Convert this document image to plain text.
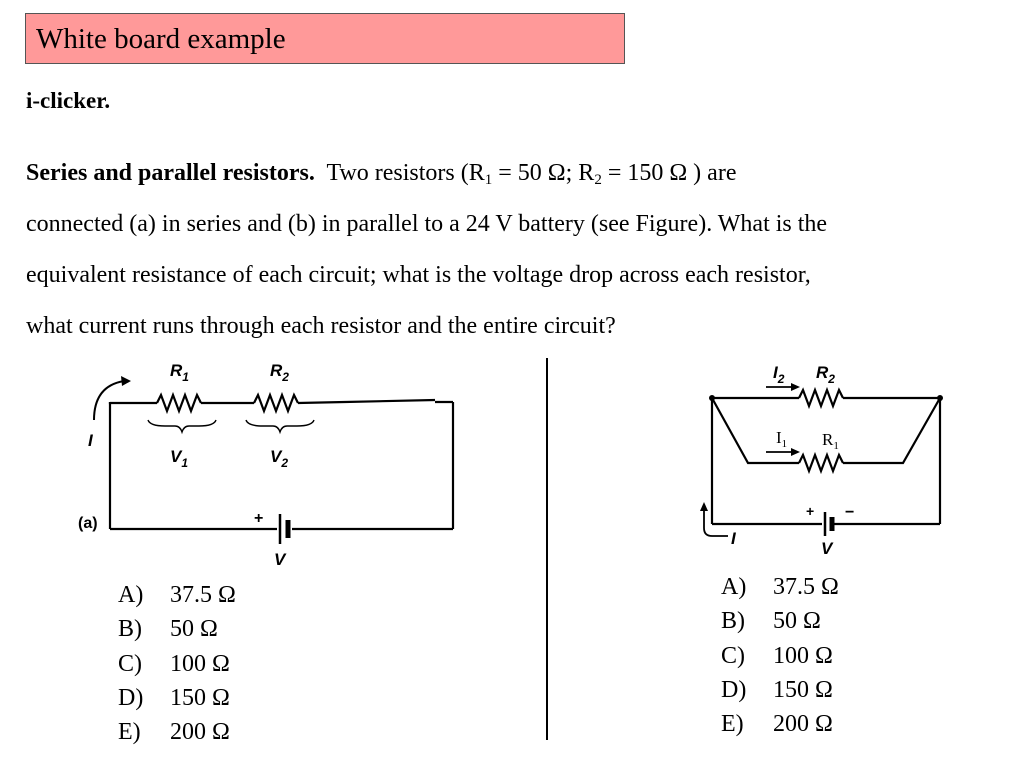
White board example
i-clicker.
Series and parallel resistors. Two resistors ($R_1 = 50$ Ω; $R_2 = 150$ Ω ) are
connected (a) in series and (b) in parallel to a 24 V battery (see Figure). What is the
equivalent resistance of each circuit; what is the voltage drop across each resistor,
what current runs through each resistor and the entire circuit?
$R_1$	$R_2$
$V_1$	$V_2$
I
(a)	+
V
$I_2$ $R_2$
$I_1$ $R_1$
+ −
I
V
A)	37.5 Ω
B)	50 Ω
C)	100 Ω
D)	150 Ω
E)	200 Ω
A)	37.5 Ω
B)	50 Ω
C)	100 Ω
D)	150 Ω
E)	200 Ω
